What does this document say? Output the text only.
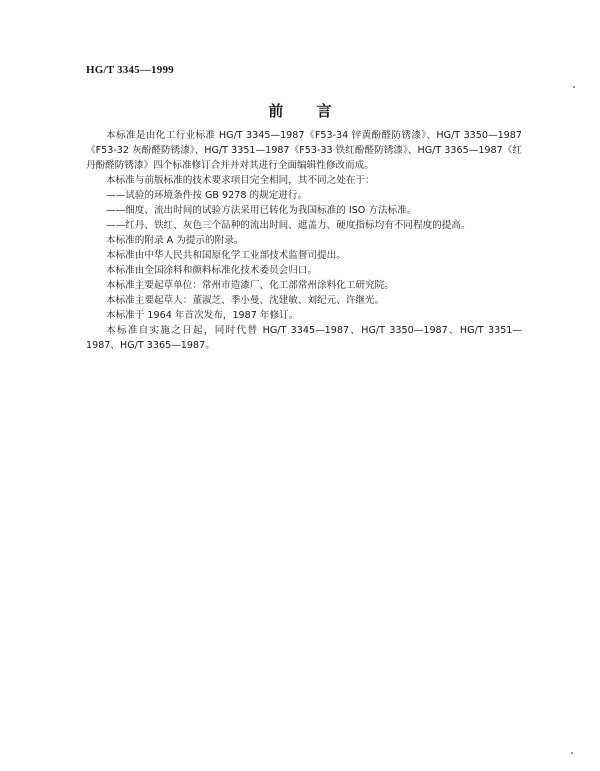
HG/T 3345—1999
前 言

本标准是由化工行业标准 HG/T 3345—1987《F53-34 锌黄酚醛防锈漆》、HG/T 3350—1987《F53-32 灰酚醛防锈漆》、HG/T 3351—1987《F53-33 铁红酚醛防锈漆》、HG/T 3365—1987《红丹酚醛防锈漆》四个标准修订合并并对其进行全面编辑性修改而成。

本标准与前版标准的技术要求项目完全相同，其不同之处在于：

——试验的环境条件按 GB 9278 的规定进行。

——细度、流出时间的试验方法采用已转化为我国标准的 ISO 方法标准。

——红丹、铁红、灰色三个品种的流出时间、遮盖力、硬度指标均有不同程度的提高。

本标准的附录 A 为提示的附录。

本标准由中华人民共和国原化学工业部技术监督司提出。

本标准由全国涂料和颜料标准化技术委员会归口。

本标准主要起草单位：常州市造漆厂、化工部常州涂料化工研究院。

本标准主要起草人：董淑芝、季小曼、沈建敏、刘纪元、许继光。

本标准于 1964 年首次发布，1987 年修订。

本标准自实施之日起，同时代替 HG/T 3345—1987、HG/T 3350—1987、HG/T 3351—1987、HG/T 3365—1987。
